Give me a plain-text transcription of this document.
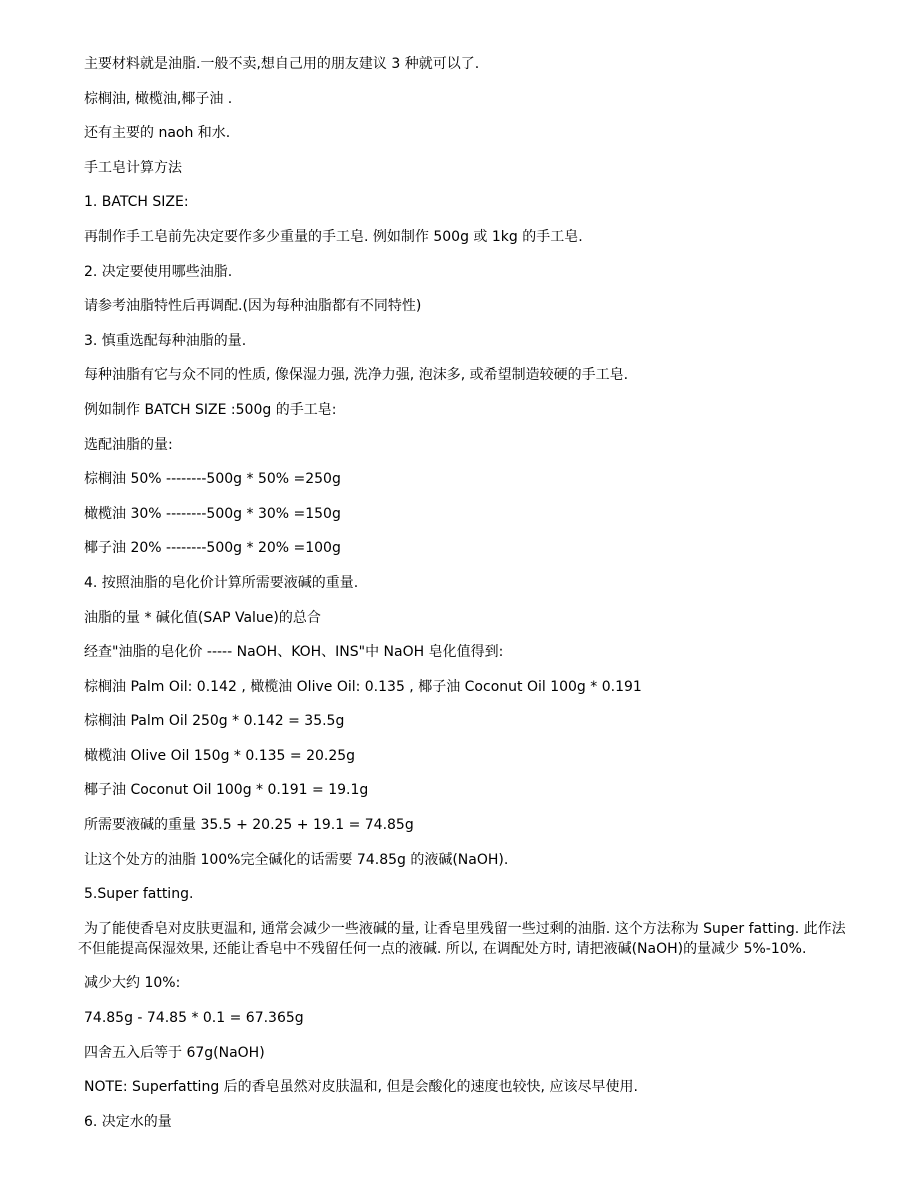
主要材料就是油脂.一般不卖,想自己用的朋友建议 3 种就可以了.

棕榈油, 橄榄油,椰子油 .

还有主要的 naoh 和水.

手工皂计算方法

1. BATCH SIZE:

再制作手工皂前先决定要作多少重量的手工皂. 例如制作 500g 或 1kg 的手工皂.

2. 决定要使用哪些油脂.

请参考油脂特性后再调配.(因为每种油脂都有不同特性)

3. 慎重选配每种油脂的量.

每种油脂有它与众不同的性质, 像保湿力强, 洗净力强, 泡沫多, 或希望制造较硬的手工皂.

例如制作 BATCH SIZE :500g 的手工皂:

选配油脂的量:

棕榈油 50% --------500g * 50% =250g

橄榄油 30% --------500g * 30% =150g

椰子油 20% --------500g * 20% =100g

4. 按照油脂的皂化价计算所需要液碱的重量.

油脂的量 * 碱化值(SAP Value)的总合

经查"油脂的皂化价 ----- NaOH、KOH、INS"中 NaOH 皂化值得到:

棕榈油 Palm Oil: 0.142 , 橄榄油 Olive Oil: 0.135 , 椰子油 Coconut Oil 100g * 0.191

棕榈油 Palm Oil 250g * 0.142 = 35.5g

橄榄油 Olive Oil 150g * 0.135 = 20.25g

椰子油 Coconut Oil 100g * 0.191 = 19.1g

所需要液碱的重量 35.5 + 20.25 + 19.1 = 74.85g

让这个处方的油脂 100%完全碱化的话需要 74.85g 的液碱(NaOH).

5.Super fatting.

为了能使香皂对皮肤更温和, 通常会减少一些液碱的量, 让香皂里残留一些过剩的油脂. 这个方法称为 Super fatting. 此作法不但能提高保湿效果, 还能让香皂中不残留任何一点的液碱. 所以, 在调配处方时, 请把液碱(NaOH)的量减少 5%-10%.

减少大约 10%:

74.85g - 74.85 * 0.1 = 67.365g

四舍五入后等于 67g(NaOH)

NOTE: Superfatting 后的香皂虽然对皮肤温和, 但是会酸化的速度也较快, 应该尽早使用.

6. 决定水的量
